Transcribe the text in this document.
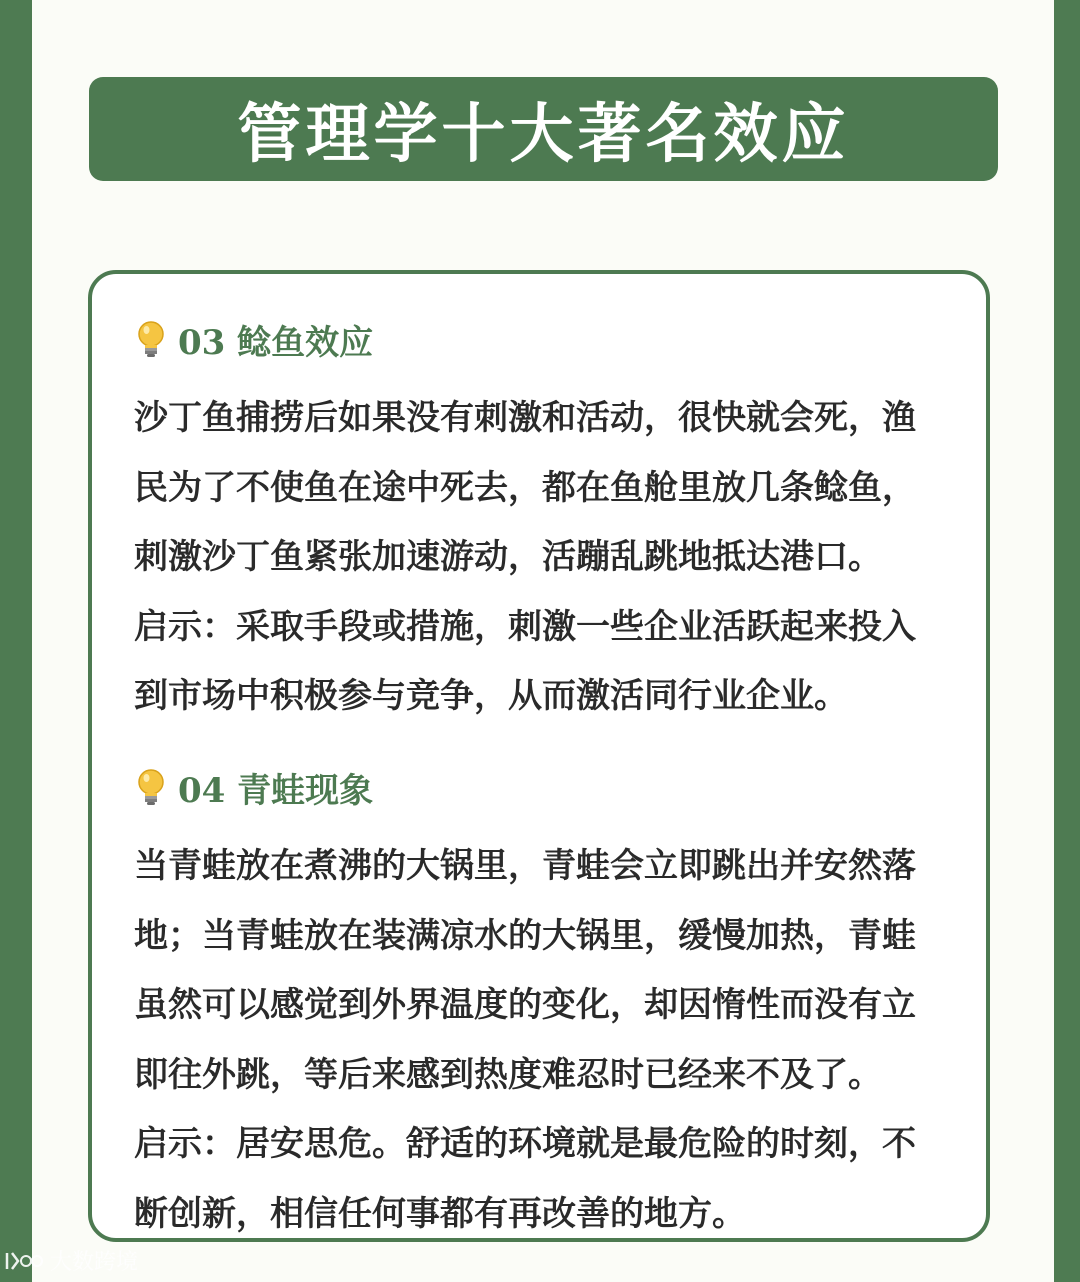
管理学十大著名效应
03 鲶鱼效应

沙丁鱼捕捞后如果没有刺激和活动，很快就会死，渔

民为了不使鱼在途中死去，都在鱼舱里放几条鲶鱼，

刺激沙丁鱼紧张加速游动，活蹦乱跳地抵达港口。

启示：采取手段或措施，刺激一些企业活跃起来投入

到市场中积极参与竞争，从而激活同行业企业。

04 青蛙现象

当青蛙放在煮沸的大锅里，青蛙会立即跳出并安然落

地；当青蛙放在装满凉水的大锅里，缓慢加热，青蛙

虽然可以感觉到外界温度的变化，却因惰性而没有立

即往外跳，等后来感到热度难忍时已经来不及了。

启示：居安思危。舒适的环境就是最危险的时刻，不

断创新，相信任何事都有再改善的地方。

大数跨境
